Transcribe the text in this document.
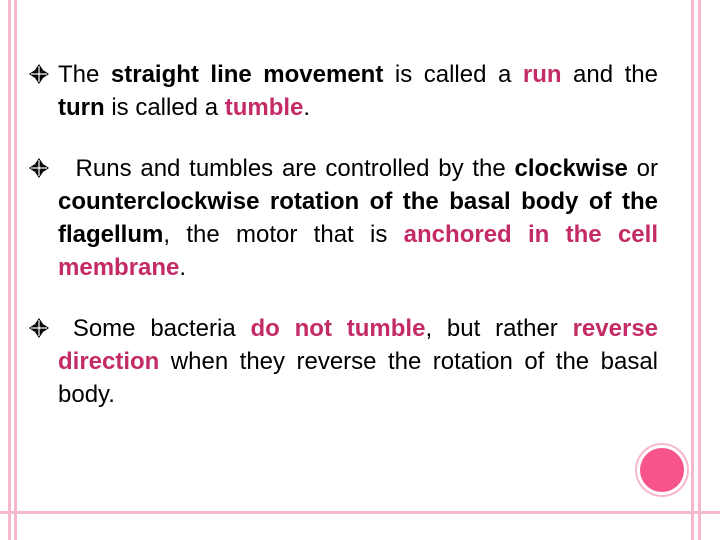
The straight line movement is called a run and the turn is called a tumble.
Runs and tumbles are controlled by the clockwise or counterclockwise rotation of the basal body of the flagellum, the motor that is anchored in the cell membrane.
Some bacteria do not tumble, but rather reverse direction when they reverse the rotation of the basal body.
